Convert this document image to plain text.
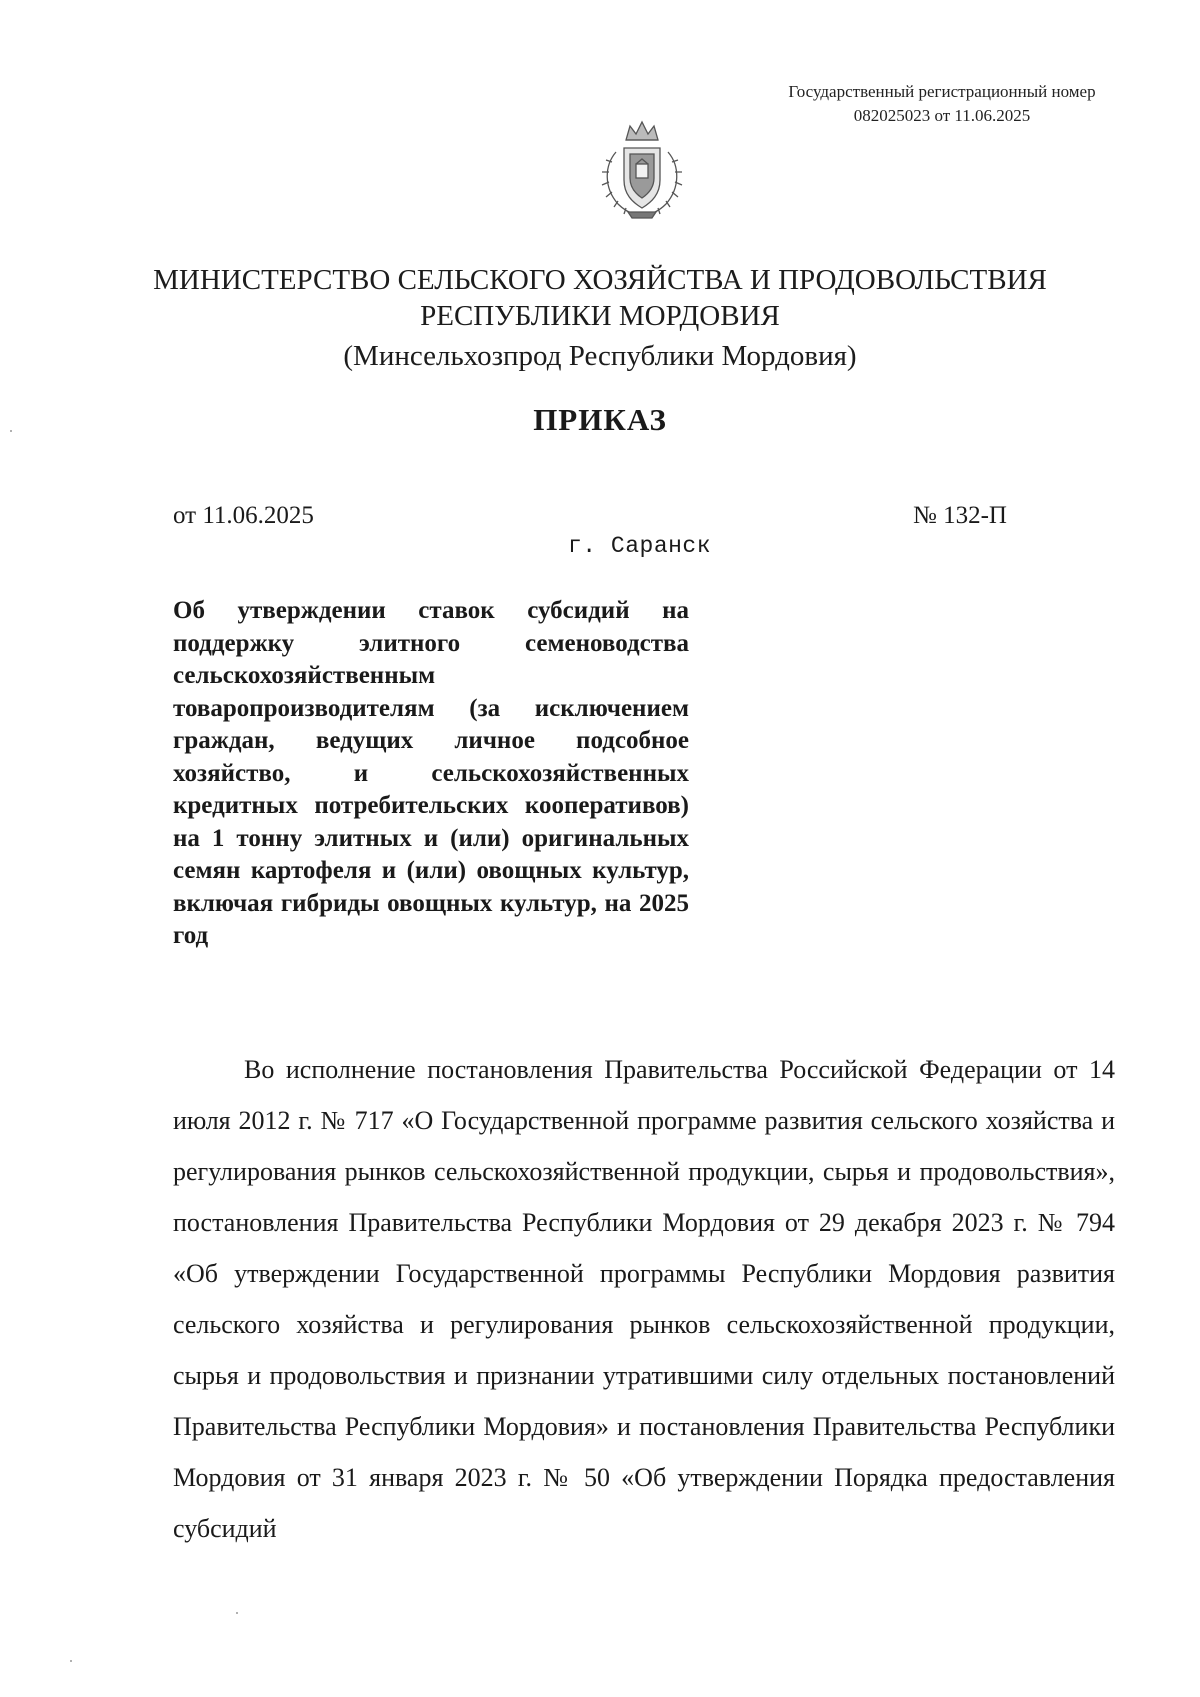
Государственный регистрационный номер
082025023 от 11.06.2025
МИНИСТЕРСТВО СЕЛЬСКОГО ХОЗЯЙСТВА И ПРОДОВОЛЬСТВИЯ
РЕСПУБЛИКИ МОРДОВИЯ
(Минсельхозпрод Республики Мордовия)
ПРИКАЗ
от 11.06.2025	№ 132-П
г. Саранск
Об утверждении ставок субсидий на поддержку элитного семеноводства сельскохозяйственным товаропроизводителям (за исключением граждан, ведущих личное подсобное хозяйство, и сельскохозяйственных кредитных потребительских кооперативов) на 1 тонну элитных и (или) оригинальных семян картофеля и (или) овощных культур, включая гибриды овощных культур, на 2025 год

Во исполнение постановления Правительства Российской Федерации от 14 июля 2012 г. № 717 «О Государственной программе развития сельского хозяйства и регулирования рынков сельскохозяйственной продукции, сырья и продовольствия», постановления Правительства Республики Мордовия от 29 декабря 2023 г. № 794 «Об утверждении Государственной программы Республики Мордовия развития сельского хозяйства и регулирования рынков сельскохозяйственной продукции, сырья и продовольствия и признании утратившими силу отдельных постановлений Правительства Республики Мордовия» и постановления Правительства Республики Мордовия от 31 января 2023 г. № 50 «Об утверждении Порядка предоставления субсидий
